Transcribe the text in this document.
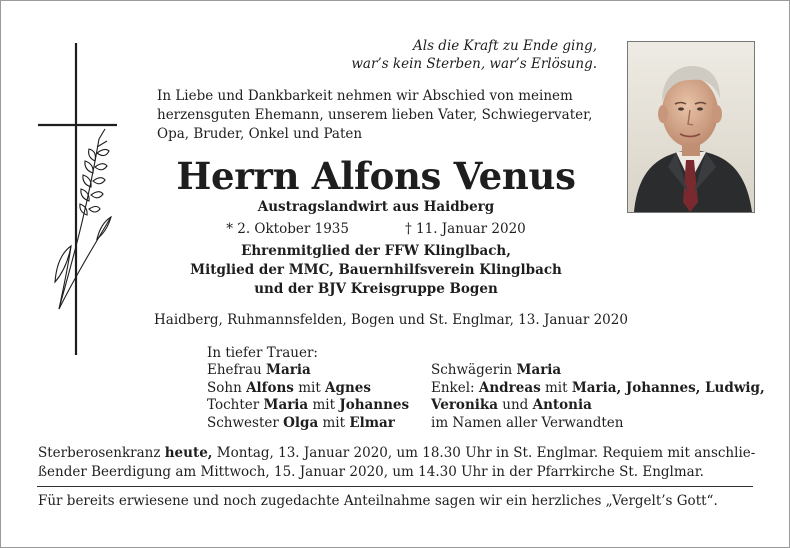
Als die Kraft zu Ende ging,
war’s kein Sterben, war’s Erlösung.
In Liebe und Dankbarkeit nehmen wir Abschied von meinem
herzensguten Ehemann, unserem lieben Vater, Schwiegervater,
Opa, Bruder, Onkel und Paten
Herrn Alfons Venus
Austragslandwirt aus Haidberg
* 2. Oktober 1935	† 11. Januar 2020
Ehrenmitglied der FFW Klinglbach,
Mitglied der MMC, Bauernhilfsverein Klinglbach
und der BJV Kreisgruppe Bogen
Haidberg, Ruhmannsfelden, Bogen und St. Englmar, 13. Januar 2020
In tiefer Trauer:
Ehefrau Maria
Sohn Alfons mit Agnes
Tochter Maria mit Johannes
Schwester Olga mit Elmar
Schwägerin Maria
Enkel: Andreas mit Maria, Johannes, Ludwig,
Veronika und Antonia
im Namen aller Verwandten
Sterberosenkranz heute, Montag, 13. Januar 2020, um 18.30 Uhr in St. Englmar. Requiem mit anschlie-
ßender Beerdigung am Mittwoch, 15. Januar 2020, um 14.30 Uhr in der Pfarrkirche St. Englmar.
Für bereits erwiesene und noch zugedachte Anteilnahme sagen wir ein herzliches „Vergelt’s Gott“.
